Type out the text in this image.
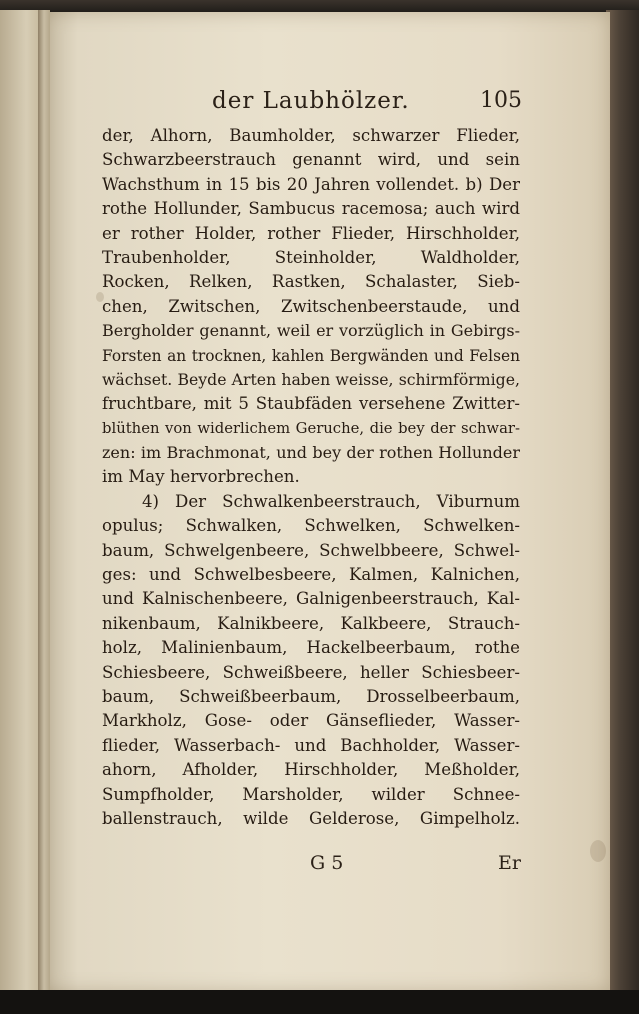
der Laubhölzer.	105
der, Alhorn, Baumholder, schwarzer Flieder,
Schwarzbeerstrauch genannt wird, und sein
Wachsthum in 15 bis 20 Jahren vollendet. b) Der
rothe Hollunder, Sambucus racemosa; auch wird
er rother Holder, rother Flieder, Hirschholder,
Traubenholder, Steinholder, Waldholder,
Rocken, Relken, Rastken, Schalaster, Sieb-
chen, Zwitschen, Zwitschenbeerstaude, und
Bergholder genannt, weil er vorzüglich in Gebirgs-
Forsten an trocknen, kahlen Bergwänden und Felsen
wächset. Beyde Arten haben weisse, schirmförmige,
fruchtbare, mit 5 Staubfäden versehene Zwitter-
blüthen von widerlichem Geruche, die bey der schwar-
zen: im Brachmonat, und bey der rothen Hollunder
im May hervorbrechen.
4) Der Schwalkenbeerstrauch, Viburnum
opulus; Schwalken, Schwelken, Schwelken-
baum, Schwelgenbeere, Schwelbbeere, Schwel-
ges: und Schwelbesbeere, Kalmen, Kalnichen,
und Kalnischenbeere, Galnigenbeerstrauch, Kal-
nikenbaum, Kalnikbeere, Kalkbeere, Strauch-
holz, Malinienbaum, Hackelbeerbaum, rothe
Schiesbeere, Schweißbeere, heller Schiesbeer-
baum, Schweißbeerbaum, Drosselbeerbaum,
Markholz, Gose- oder Gänseflieder, Wasser-
flieder, Wasserbach- und Bachholder, Wasser-
ahorn, Afholder, Hirschholder, Meßholder,
Sumpfholder, Marsholder, wilder Schnee-
ballenstrauch, wilde Gelderose, Gimpelholz.
G 5	Er
